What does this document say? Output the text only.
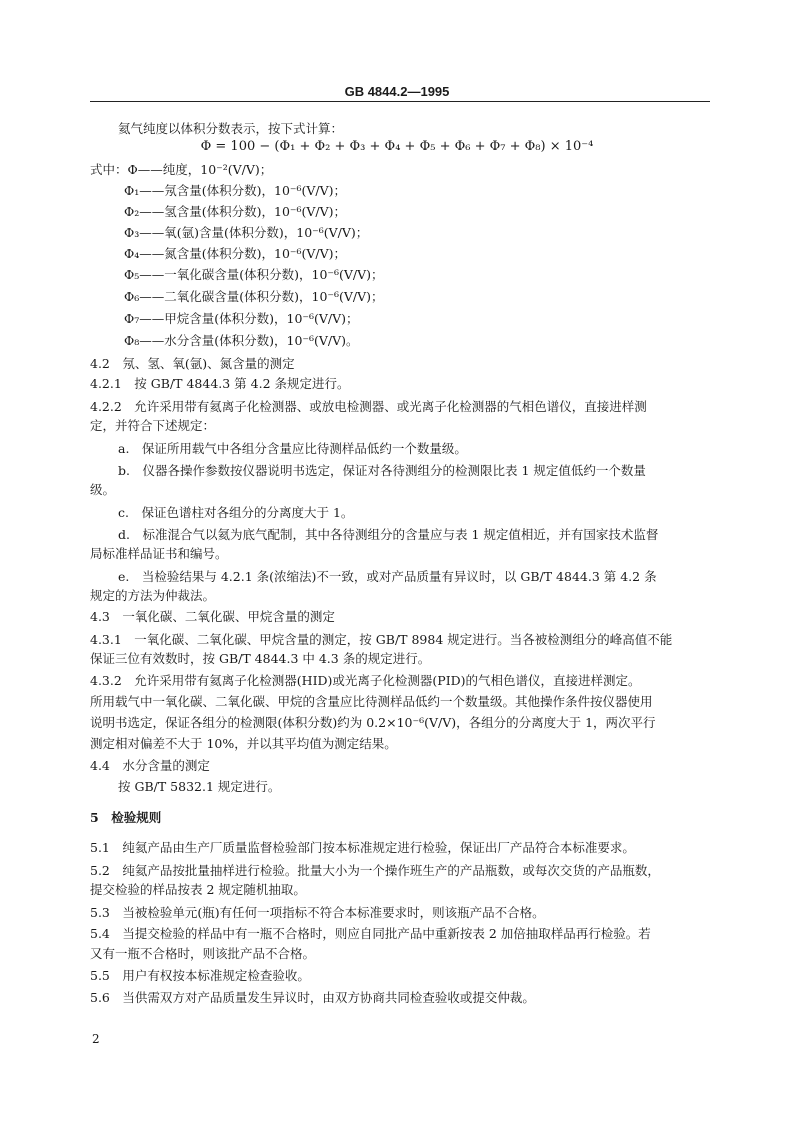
GB 4844.2—1995
氦气纯度以体积分数表示，按下式计算：
Φ = 100 − (Φ₁ + Φ₂ + Φ₃ + Φ₄ + Φ₅ + Φ₆ + Φ₇ + Φ₈) × 10⁻⁴
式中：Φ——纯度，10⁻²(V/V)；
Φ₁——氖含量(体积分数)，10⁻⁶(V/V)；
Φ₂——氢含量(体积分数)，10⁻⁶(V/V)；
Φ₃——氧(氩)含量(体积分数)，10⁻⁶(V/V)；
Φ₄——氮含量(体积分数)，10⁻⁶(V/V)；
Φ₅——一氧化碳含量(体积分数)，10⁻⁶(V/V)；
Φ₆——二氧化碳含量(体积分数)，10⁻⁶(V/V)；
Φ₇——甲烷含量(体积分数)，10⁻⁶(V/V)；
Φ₈——水分含量(体积分数)，10⁻⁶(V/V)。
4.2　氖、氢、氧(氩)、氮含量的测定
4.2.1　按 GB/T 4844.3 第 4.2 条规定进行。
4.2.2　允许采用带有氦离子化检测器、或放电检测器、或光离子化检测器的气相色谱仪，直接进样测
定，并符合下述规定：
a.　保证所用载气中各组分含量应比待测样品低约一个数量级。
b.　仪器各操作参数按仪器说明书选定，保证对各待测组分的检测限比表 1 规定值低约一个数量
级。
c.　保证色谱柱对各组分的分离度大于 1。
d.　标准混合气以氦为底气配制，其中各待测组分的含量应与表 1 规定值相近，并有国家技术监督
局标准样品证书和编号。
e.　当检验结果与 4.2.1 条(浓缩法)不一致，或对产品质量有异议时，以 GB/T 4844.3 第 4.2 条
规定的方法为仲裁法。
4.3　一氧化碳、二氧化碳、甲烷含量的测定
4.3.1　一氧化碳、二氧化碳、甲烷含量的测定，按 GB/T 8984 规定进行。当各被检测组分的峰高值不能
保证三位有效数时，按 GB/T 4844.3 中 4.3 条的规定进行。
4.3.2　允许采用带有氦离子化检测器(HID)或光离子化检测器(PID)的气相色谱仪，直接进样测定。
所用载气中一氧化碳、二氧化碳、甲烷的含量应比待测样品低约一个数量级。其他操作条件按仪器使用
说明书选定，保证各组分的检测限(体积分数)约为 0.2×10⁻⁶(V/V)，各组分的分离度大于 1，两次平行
测定相对偏差不大于 10%，并以其平均值为测定结果。
4.4　水分含量的测定
按 GB/T 5832.1 规定进行。
5　检验规则
5.1　纯氦产品由生产厂质量监督检验部门按本标准规定进行检验，保证出厂产品符合本标准要求。
5.2　纯氦产品按批量抽样进行检验。批量大小为一个操作班生产的产品瓶数，或每次交货的产品瓶数，
提交检验的样品按表 2 规定随机抽取。
5.3　当被检验单元(瓶)有任何一项指标不符合本标准要求时，则该瓶产品不合格。
5.4　当提交检验的样品中有一瓶不合格时，则应自同批产品中重新按表 2 加倍抽取样品再行检验。若
又有一瓶不合格时，则该批产品不合格。
5.5　用户有权按本标准规定检查验收。
5.6　当供需双方对产品质量发生异议时，由双方协商共同检查验收或提交仲裁。
2
